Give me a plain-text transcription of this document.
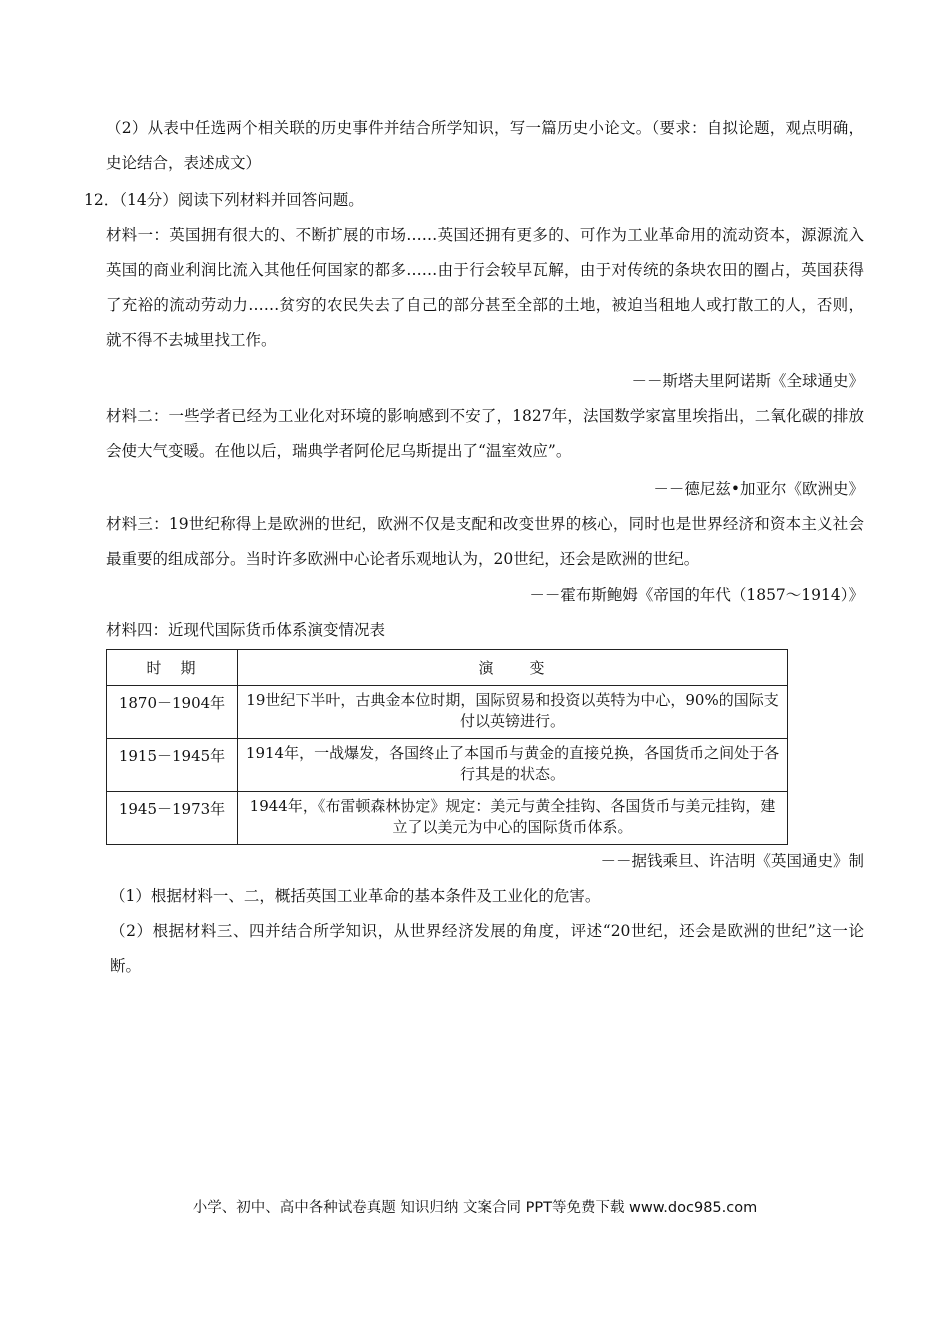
（2）从表中任选两个相关联的历史事件并结合所学知识，写一篇历史小论文。（要求：自拟论题，观点明确，史论结合，表述成文）
12．（14分）阅读下列材料并回答问题。
材料一：英国拥有很大的、不断扩展的市场……英国还拥有更多的、可作为工业革命用的流动资本，源源流入英国的商业利润比流入其他任何国家的都多……由于行会较早瓦解，由于对传统的条块农田的圈占，英国获得了充裕的流动劳动力……贫穷的农民失去了自己的部分甚至全部的土地，被迫当租地人或打散工的人，否则，就不得不去城里找工作。
－－斯塔夫里阿诺斯《全球通史》
材料二：一些学者已经为工业化对环境的影响感到不安了，1827年，法国数学家富里埃指出，二氧化碳的排放会使大气变暖。在他以后，瑞典学者阿伦尼乌斯提出了“温室效应”。
－－德尼兹•加亚尔《欧洲史》
材料三：19世纪称得上是欧洲的世纪，欧洲不仅是支配和改变世界的核心，同时也是世界经济和资本主义社会最重要的组成部分。当时许多欧洲中心论者乐观地认为，20世纪，还会是欧洲的世纪。
－－霍布斯鲍姆《帝国的年代（1857～1914）》
材料四：近现代国际货币体系演变情况表
时　期	演　　变
1870－1904年	19世纪下半叶，古典金本位时期，国际贸易和投资以英特为中心，90%的国际支付以英镑进行。
1915－1945年	1914年，一战爆发，各国终止了本国币与黄金的直接兑换，各国货币之间处于各行其是的状态。
1945－1973年	1944年，《布雷顿森林协定》规定：美元与黄全挂钩、各国货币与美元挂钩，建立了以美元为中心的国际货币体系。
－－据钱乘旦、许洁明《英国通史》制
（1）根据材料一、二，概括英国工业革命的基本条件及工业化的危害。
（2）根据材料三、四并结合所学知识，从世界经济发展的角度，评述“20世纪，还会是欧洲的世纪”这一论断。
小学、初中、高中各种试卷真题 知识归纳 文案合同 PPT等免费下载 www.doc985.com
